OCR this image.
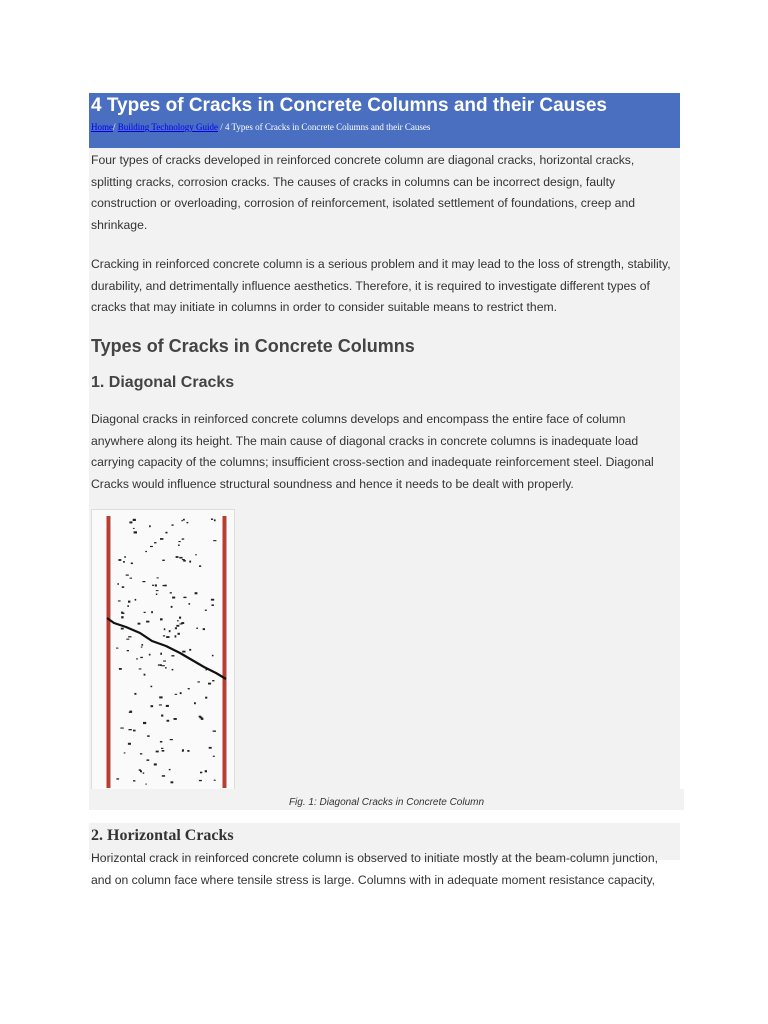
4 Types of Cracks in Concrete Columns and their Causes
Home/ Building Technology Guide / 4 Types of Cracks in Concrete Columns and their Causes

Four types of cracks developed in reinforced concrete column are diagonal cracks, horizontal cracks, splitting cracks, corrosion cracks. The causes of cracks in columns can be incorrect design, faulty construction or overloading, corrosion of reinforcement, isolated settlement of foundations, creep and shrinkage.

Cracking in reinforced concrete column is a serious problem and it may lead to the loss of strength, stability, durability, and detrimentally influence aesthetics. Therefore, it is required to investigate different types of cracks that may initiate in columns in order to consider suitable means to restrict them.

Types of Cracks in Concrete Columns
1. Diagonal Cracks

Diagonal cracks in reinforced concrete columns develops and encompass the entire face of column anywhere along its height. The main cause of diagonal cracks in concrete columns is inadequate load carrying capacity of the columns; insufficient cross-section and inadequate reinforcement steel. Diagonal Cracks would influence structural soundness and hence it needs to be dealt with properly.

Fig. 1: Diagonal Cracks in Concrete Column
2. Horizontal Cracks

Horizontal crack in reinforced concrete column is observed to initiate mostly at the beam-column junction, and on column face where tensile stress is large. Columns with in adequate moment resistance capacity,
